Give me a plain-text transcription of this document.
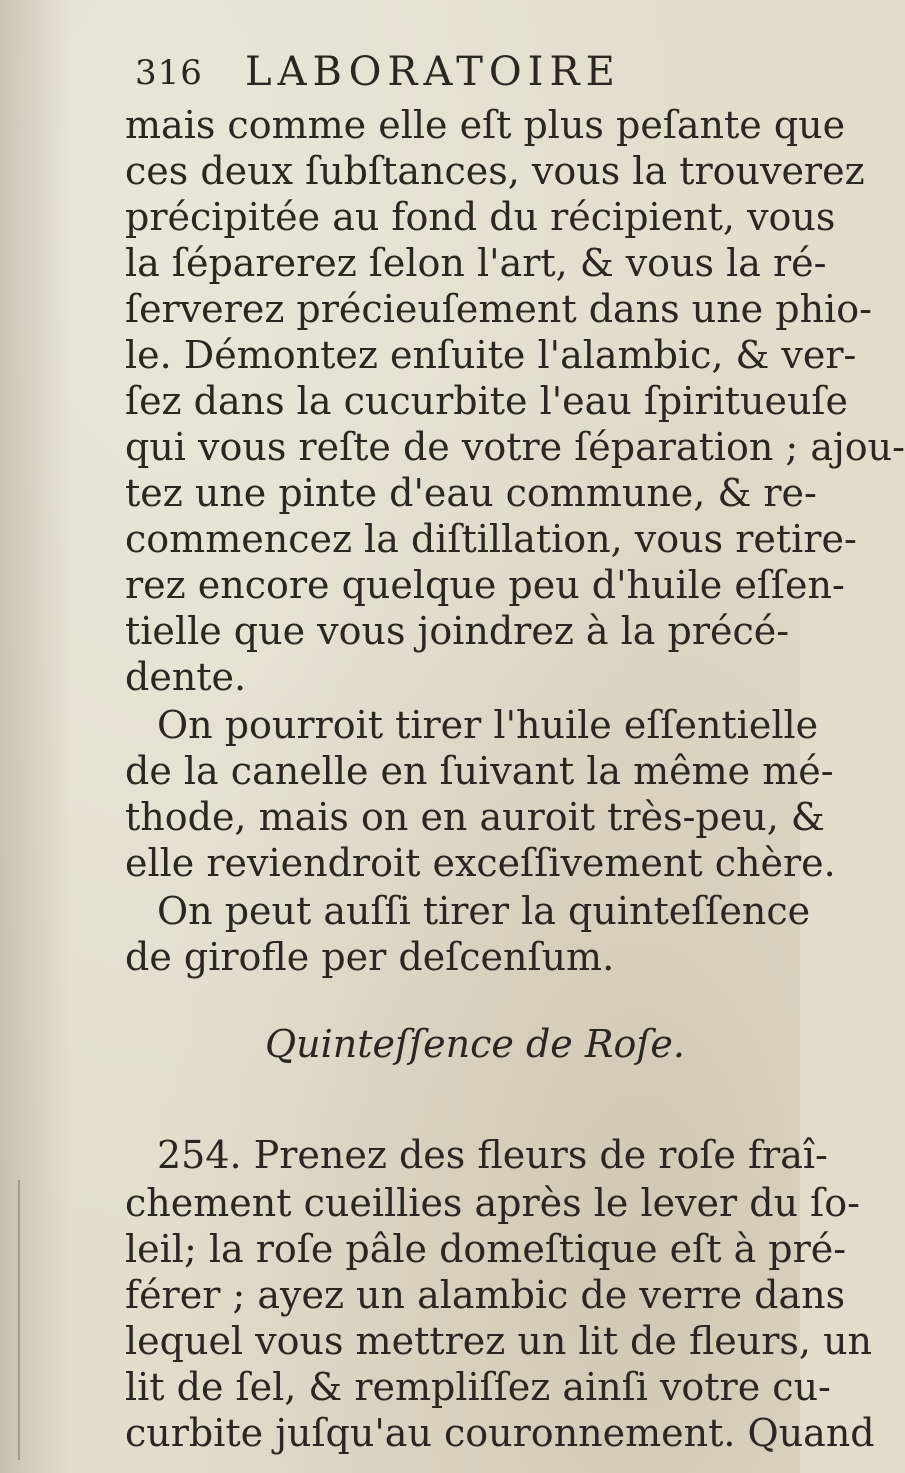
316 LABORATOIRE
mais comme elle eſt plus peſante que
ces deux ſubſtances, vous la trouverez
précipitée au fond du récipient, vous
la ſéparerez ſelon l'art, & vous la ré-
ſerverez précieuſement dans une phio-
le. Démontez enſuite l'alambic, & ver-
ſez dans la cucurbite l'eau ſpiritueuſe
qui vous reſte de votre ſéparation ; ajou-
tez une pinte d'eau commune, & re-
commencez la diſtillation, vous retire-
rez encore quelque peu d'huile eſſen-
tielle que vous joindrez à la précé-
dente.
On pourroit tirer l'huile eſſentielle
de la canelle en ſuivant la même mé-
thode, mais on en auroit très-peu, &
elle reviendroit exceſſivement chère.
On peut auſſi tirer la quinteſſence
de girofle per deſcenſum.
Quinteſſence de Roſe.
254. Prenez des fleurs de roſe fraî-
chement cueillies après le lever du ſo-
leil; la roſe pâle domeſtique eſt à pré-
férer ; ayez un alambic de verre dans
lequel vous mettrez un lit de fleurs, un
lit de ſel, & rempliſſez ainſi votre cu-
curbite juſqu'au couronnement. Quand
